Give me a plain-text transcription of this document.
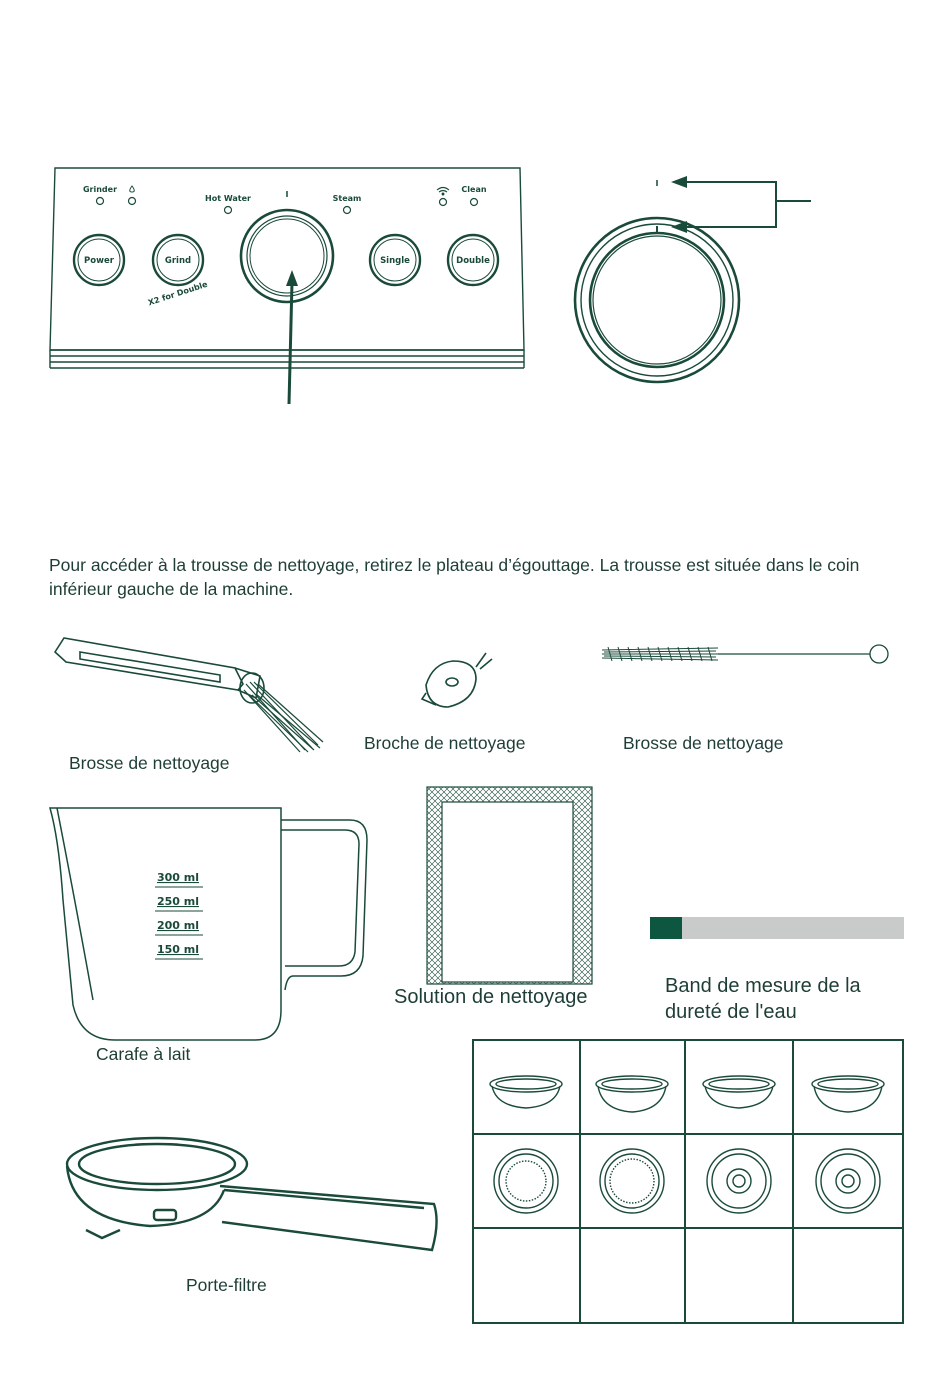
Grinder
Hot Water	I	Steam
Clean
Power	Grind
X2 for Double
Single	Double
I
Pour accéder à la trousse de nettoyage, retirez le plateau d’égouttage. La trousse est située dans le coin inférieur gauche de la machine.
Brosse de nettoyage
Broche de nettoyage	Brosse de nettoyage
300 ml
250 ml
200 ml
150 ml
Carafe à lait
Solution de nettoyage	Band de mesure de la
dureté de l'eau
Porte-filtre
